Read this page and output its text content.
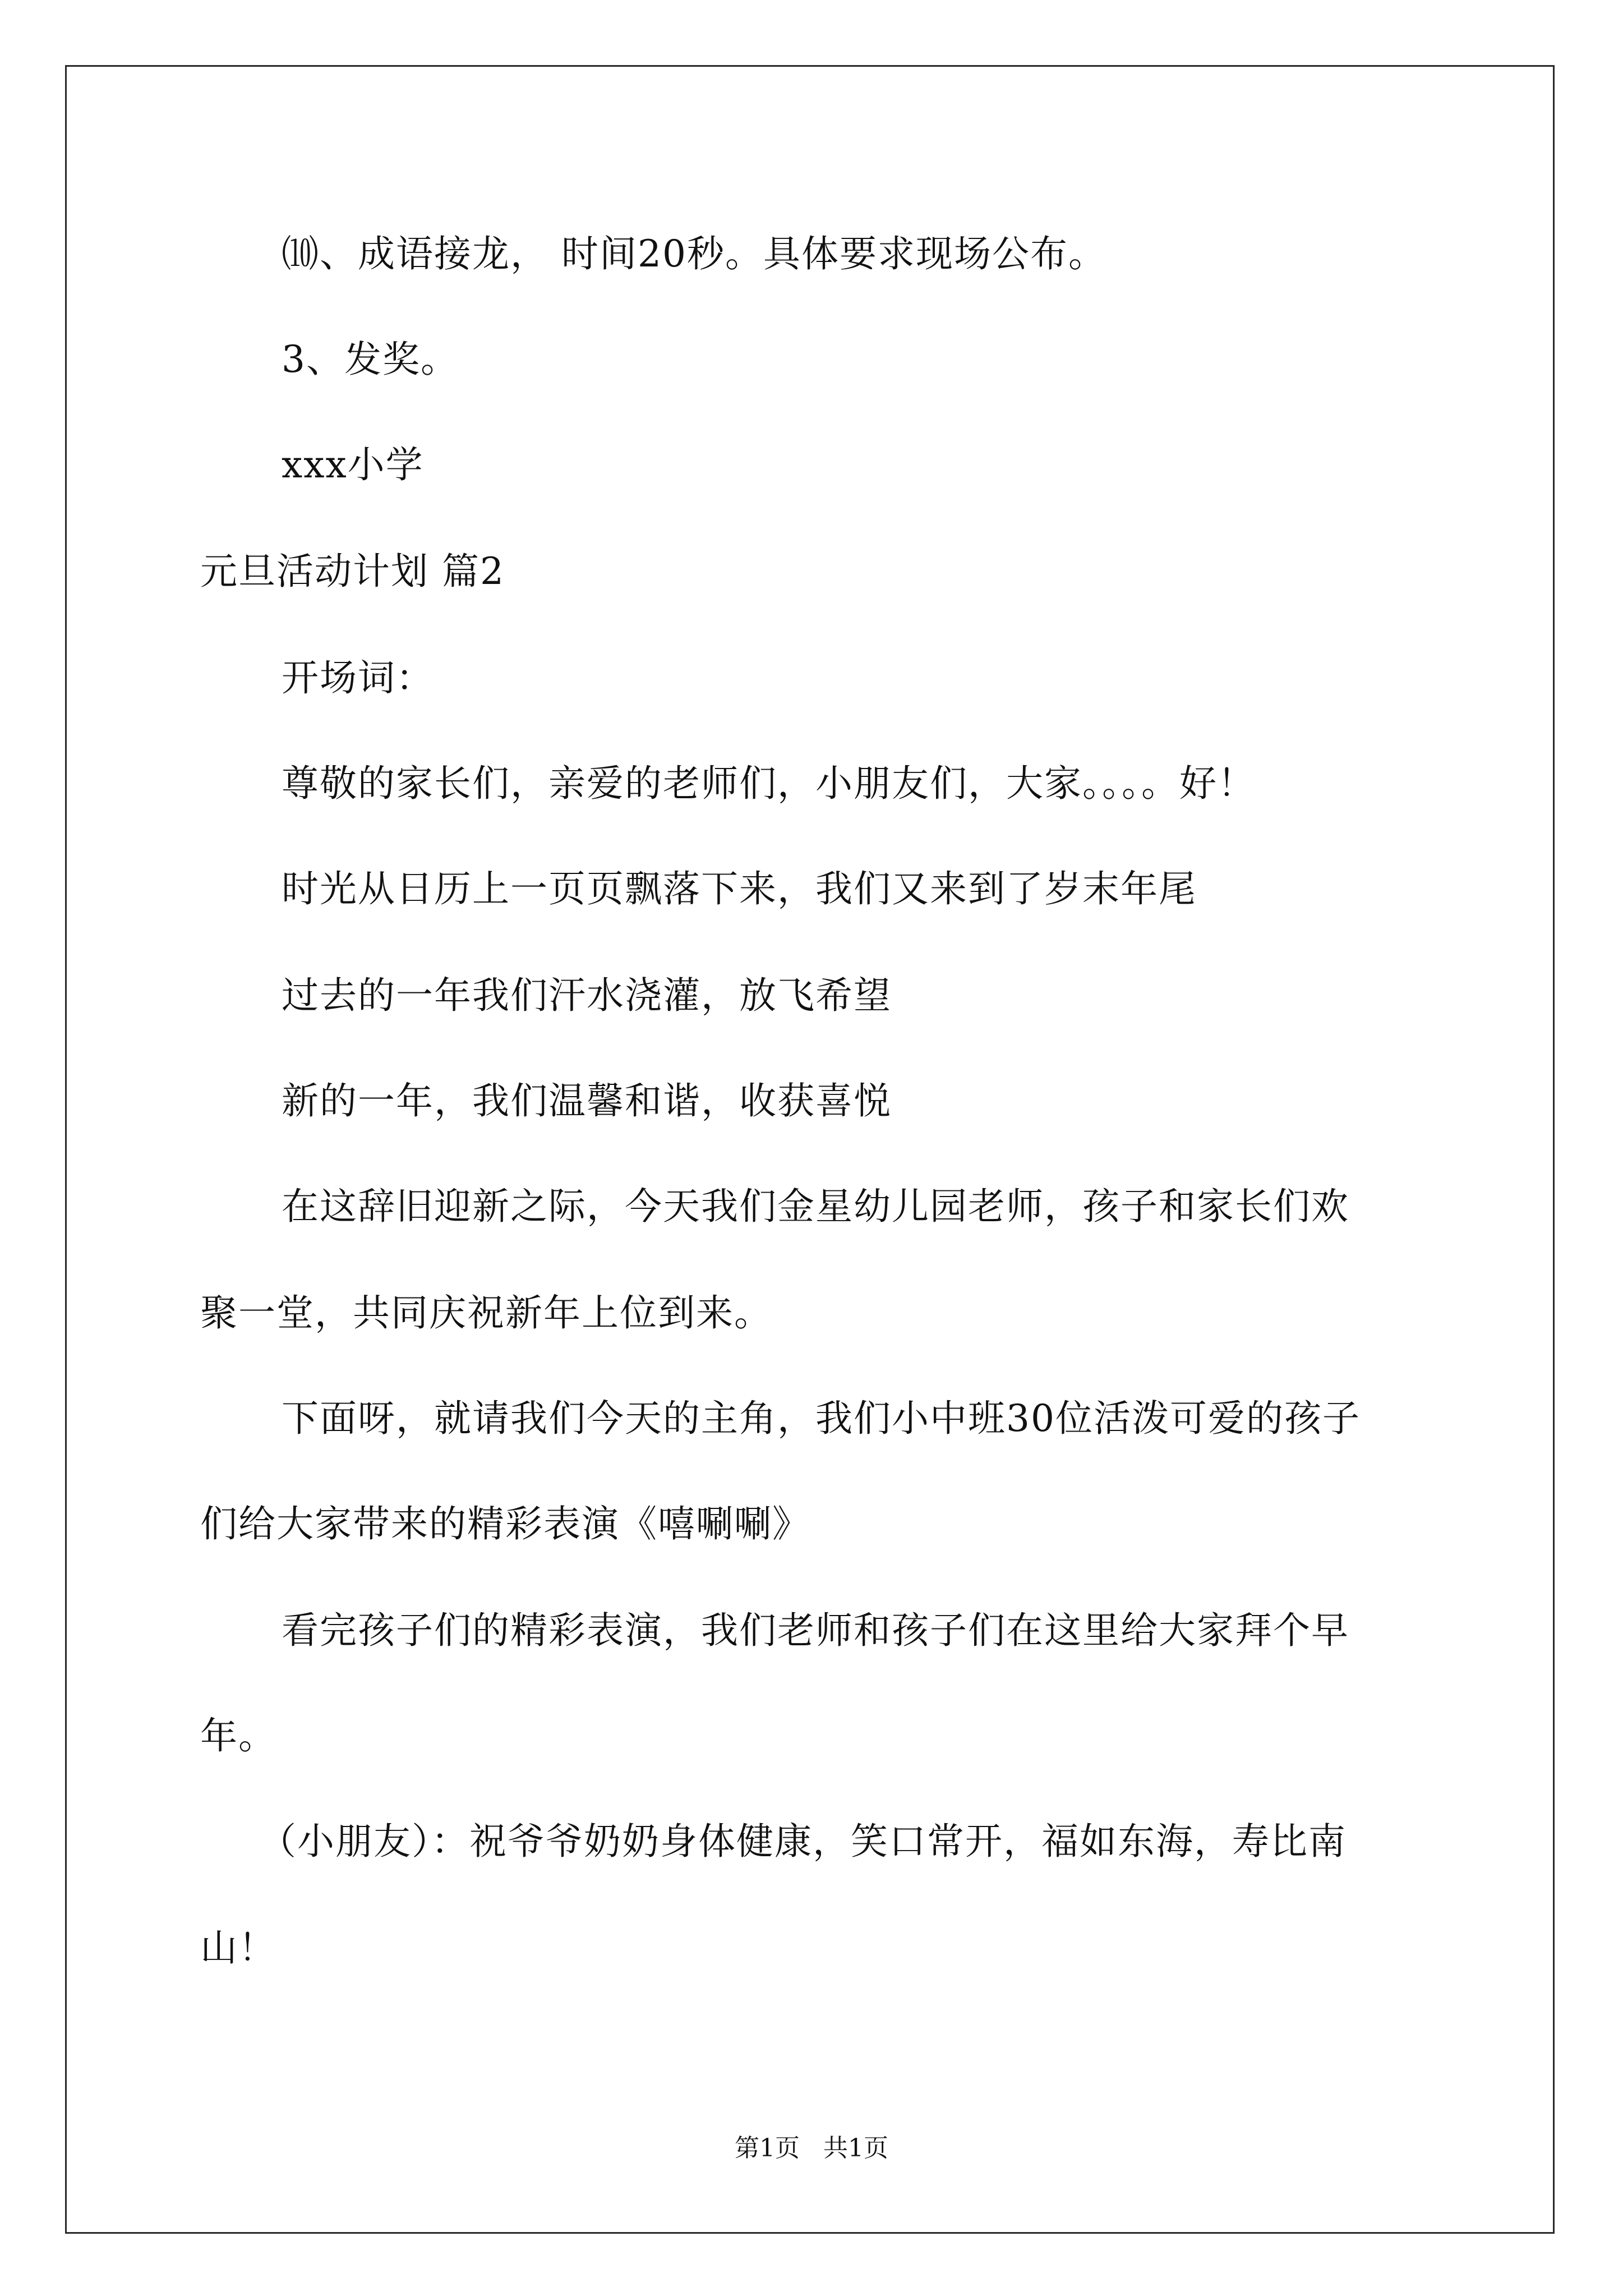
⑽、成语接龙， 时间20秒。具体要求现场公布。

3、发奖。

xxx小学

元旦活动计划 篇2

开场词：

尊敬的家长们，亲爱的老师们，小朋友们，大家。。。。好！

时光从日历上一页页飘落下来，我们又来到了岁末年尾

过去的一年我们汗水浇灌，放飞希望

新的一年，我们温馨和谐，收获喜悦

在这辞旧迎新之际，今天我们金星幼儿园老师，孩子和家长们欢

聚一堂，共同庆祝新年上位到来。

下面呀，就请我们今天的主角，我们小中班30位活泼可爱的孩子

们给大家带来的精彩表演《嘻唰唰》

看完孩子们的精彩表演，我们老师和孩子们在这里给大家拜个早

年。

（小朋友）：祝爷爷奶奶身体健康，笑口常开，福如东海，寿比南

山！

第1页   共1页
